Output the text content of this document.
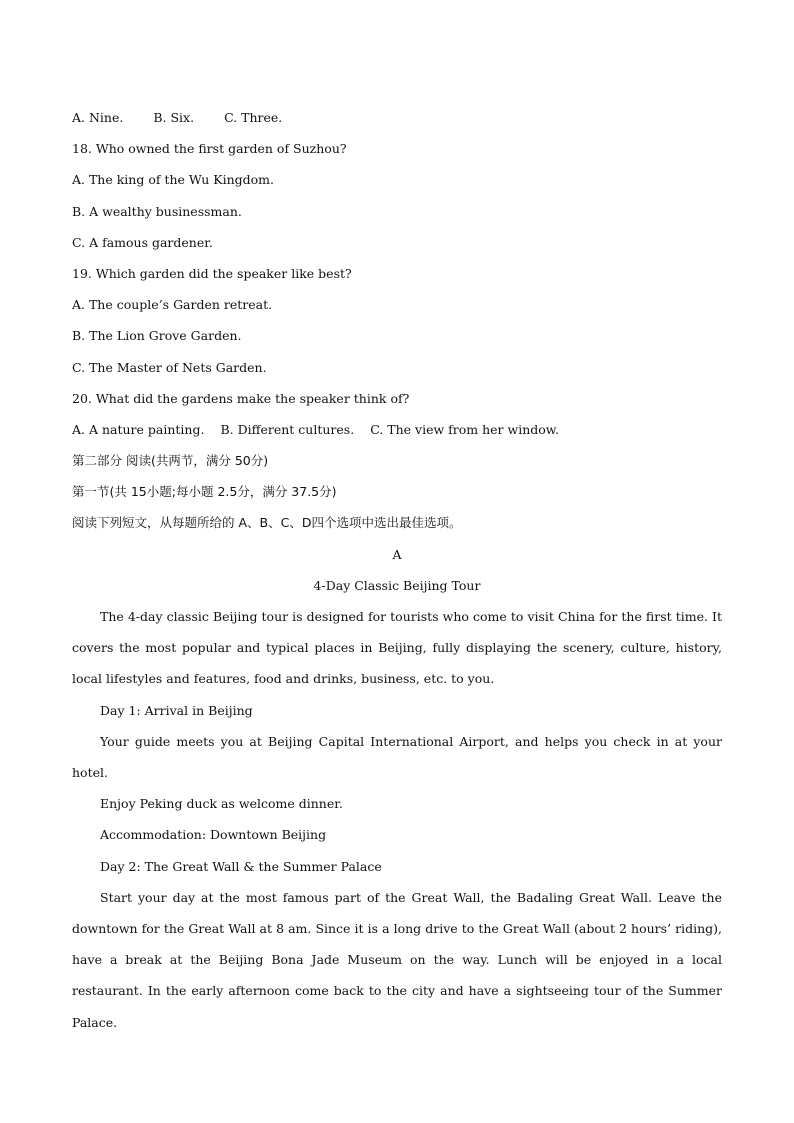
A. Nine. B. Six. C. Three.
18. Who owned the first garden of Suzhou?
A. The king of the Wu Kingdom.
B. A wealthy businessman.
C. A famous gardener.
19. Which garden did the speaker like best?
A. The couple’s Garden retreat.
B. The Lion Grove Garden.
C. The Master of Nets Garden.
20. What did the gardens make the speaker think of?
A. A nature painting. B. Different cultures. C. The view from her window.
第二部分 阅读(共两节，满分 50分)
第一节(共 15小题;每小题 2.5分，满分 37.5分)
阅读下列短文，从每题所给的 A、B、C、D四个选项中选出最佳选项。
A
4-Day Classic Beijing Tour
The 4-day classic Beijing tour is designed for tourists who come to visit China for the first time. It covers the most popular and typical places in Beijing, fully displaying the scenery, culture, history, local lifestyles and features, food and drinks, business, etc. to you.
Day 1: Arrival in Beijing
Your guide meets you at Beijing Capital International Airport, and helps you check in at your hotel.
Enjoy Peking duck as welcome dinner.
Accommodation: Downtown Beijing
Day 2: The Great Wall & the Summer Palace
Start your day at the most famous part of the Great Wall, the Badaling Great Wall. Leave the downtown for the Great Wall at 8 am. Since it is a long drive to the Great Wall (about 2 hours’ riding), have a break at the Beijing Bona Jade Museum on the way. Lunch will be enjoyed in a local restaurant. In the early afternoon come back to the city and have a sightseeing tour of the Summer Palace.
